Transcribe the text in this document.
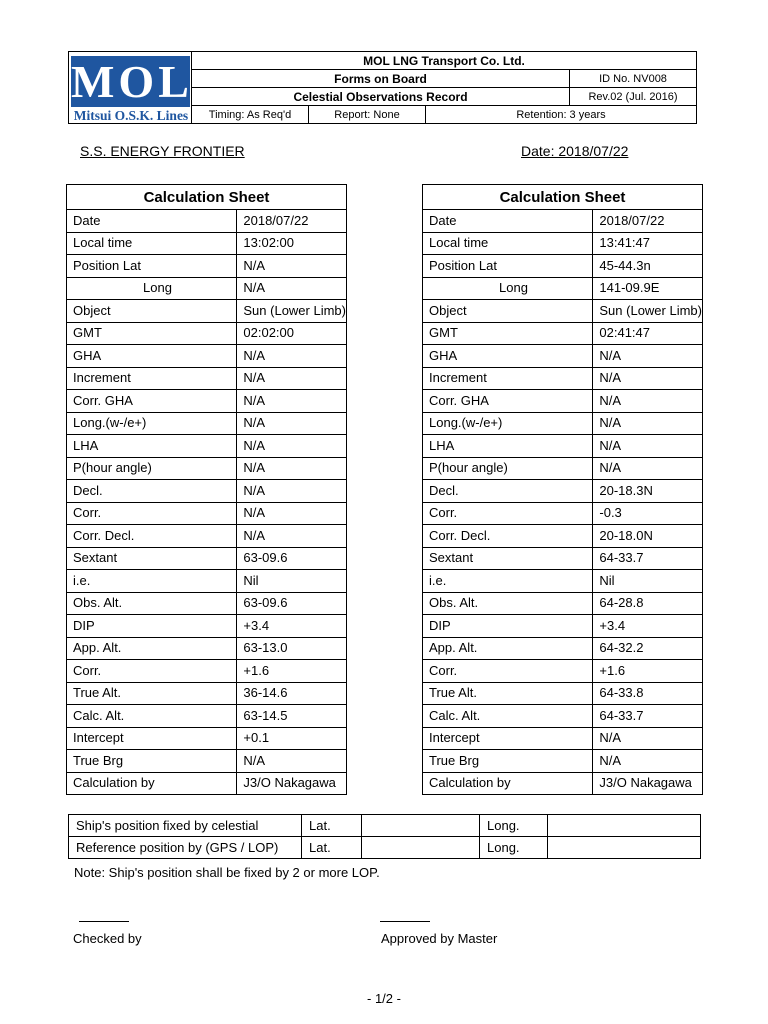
MOL
Mitsui O.S.K. Lines	MOL LNG Transport Co. Ltd.			
	Forms on Board			ID No. NV008
	Celestial Observations Record			Rev.02 (Jul. 2016)
	Timing: As Req'd	Report: None	Retention: 3 years	
S.S. ENERGY FRONTIER	Date: 2018/07/22
Calculation Sheet	
Date	2018/07/22
Local time	13:02:00
Position Lat	N/A
Long	N/A
Object	Sun (Lower Limb)
GMT	02:02:00
GHA	N/A
Increment	N/A
Corr. GHA	N/A
Long.(w-/e+)	N/A
LHA	N/A
P(hour angle)	N/A
Decl.	N/A
Corr.	N/A
Corr. Decl.	N/A
Sextant	63-09.6
i.e.	Nil
Obs. Alt.	63-09.6
DIP	+3.4
App. Alt.	63-13.0
Corr.	+1.6
True Alt.	36-14.6
Calc. Alt.	63-14.5
Intercept	+0.1
True Brg	N/A
Calculation by	J3/O Nakagawa
Calculation Sheet	
Date	2018/07/22
Local time	13:41:47
Position Lat	45-44.3n
Long	141-09.9E
Object	Sun (Lower Limb)
GMT	02:41:47
GHA	N/A
Increment	N/A
Corr. GHA	N/A
Long.(w-/e+)	N/A
LHA	N/A
P(hour angle)	N/A
Decl.	20-18.3N
Corr.	-0.3
Corr. Decl.	20-18.0N
Sextant	64-33.7
i.e.	Nil
Obs. Alt.	64-28.8
DIP	+3.4
App. Alt.	64-32.2
Corr.	+1.6
True Alt.	64-33.8
Calc. Alt.	64-33.7
Intercept	N/A
True Brg	N/A
Calculation by	J3/O Nakagawa
Ship's position fixed by celestial	Lat.		Long.	
Reference position by (GPS / LOP)	Lat.		Long.	
Note: Ship's position shall be fixed by 2 or more LOP.
Checked by	Approved by Master
- 1/2 -
